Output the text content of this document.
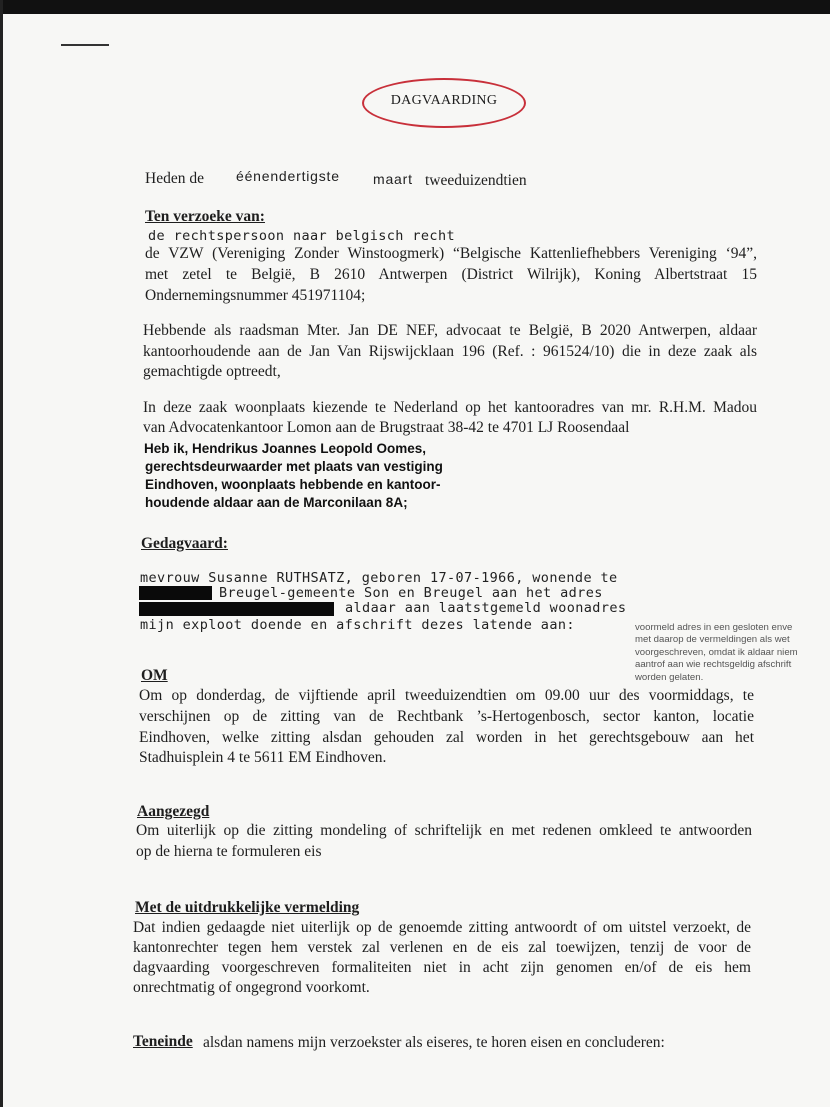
DAGVAARDING
Heden de éénendertigste maart tweeduizendtien
Ten verzoeke van:
de rechtspersoon naar belgisch recht
de VZW (Vereniging Zonder Winstoogmerk) “Belgische Kattenliefhebbers Vereniging ‘94”,
met zetel te België, B 2610 Antwerpen (District Wilrijk), Koning Albertstraat 15
Ondernemingsnummer 451971104;
Hebbende als raadsman Mter. Jan DE NEF, advocaat te België, B 2020 Antwerpen, aldaar
kantoorhoudende aan de Jan Van Rijswijcklaan 196 (Ref. : 961524/10) die in deze zaak als
gemachtigde optreedt,
In deze zaak woonplaats kiezende te Nederland op het kantooradres van mr. R.H.M. Madou
van Advocatenkantoor Lomon aan de Brugstraat 38-42 te 4701 LJ Roosendaal
Heb ik, Hendrikus Joannes Leopold Oomes,
gerechtsdeurwaarder met plaats van vestiging
Eindhoven, woonplaats hebbende en kantoor-
houdende aldaar aan de Marconilaan 8A;
Gedagvaard:
mevrouw Susanne RUTHSATZ, geboren 17-07-1966, wonende te
Breugel-gemeente Son en Breugel aan het adres
aldaar aan laatstgemeld woonadres
mijn exploot doende en afschrift dezes latende aan:	voormeld adres in een gesloten enve
met daarop de vermeldingen als wet
voorgeschreven, omdat ik aldaar niem
aantrof aan wie rechtsgeldig afschrift
worden gelaten.
OM
Om op donderdag, de vijftiende april tweeduizendtien om 09.00 uur des voormiddags, te
verschijnen op de zitting van de Rechtbank ’s-Hertogenbosch, sector kanton, locatie
Eindhoven, welke zitting alsdan gehouden zal worden in het gerechtsgebouw aan het
Stadhuisplein 4 te 5611 EM Eindhoven.
Aangezegd
Om uiterlijk op die zitting mondeling of schriftelijk en met redenen omkleed te antwoorden
op de hierna te formuleren eis
Met de uitdrukkelijke vermelding
Dat indien gedaagde niet uiterlijk op de genoemde zitting antwoordt of om uitstel verzoekt, de
kantonrechter tegen hem verstek zal verlenen en de eis zal toewijzen, tenzij de voor de
dagvaarding voorgeschreven formaliteiten niet in acht zijn genomen en/of de eis hem
onrechtmatig of ongegrond voorkomt.
Teneinde alsdan namens mijn verzoekster als eiseres, te horen eisen en concluderen:
